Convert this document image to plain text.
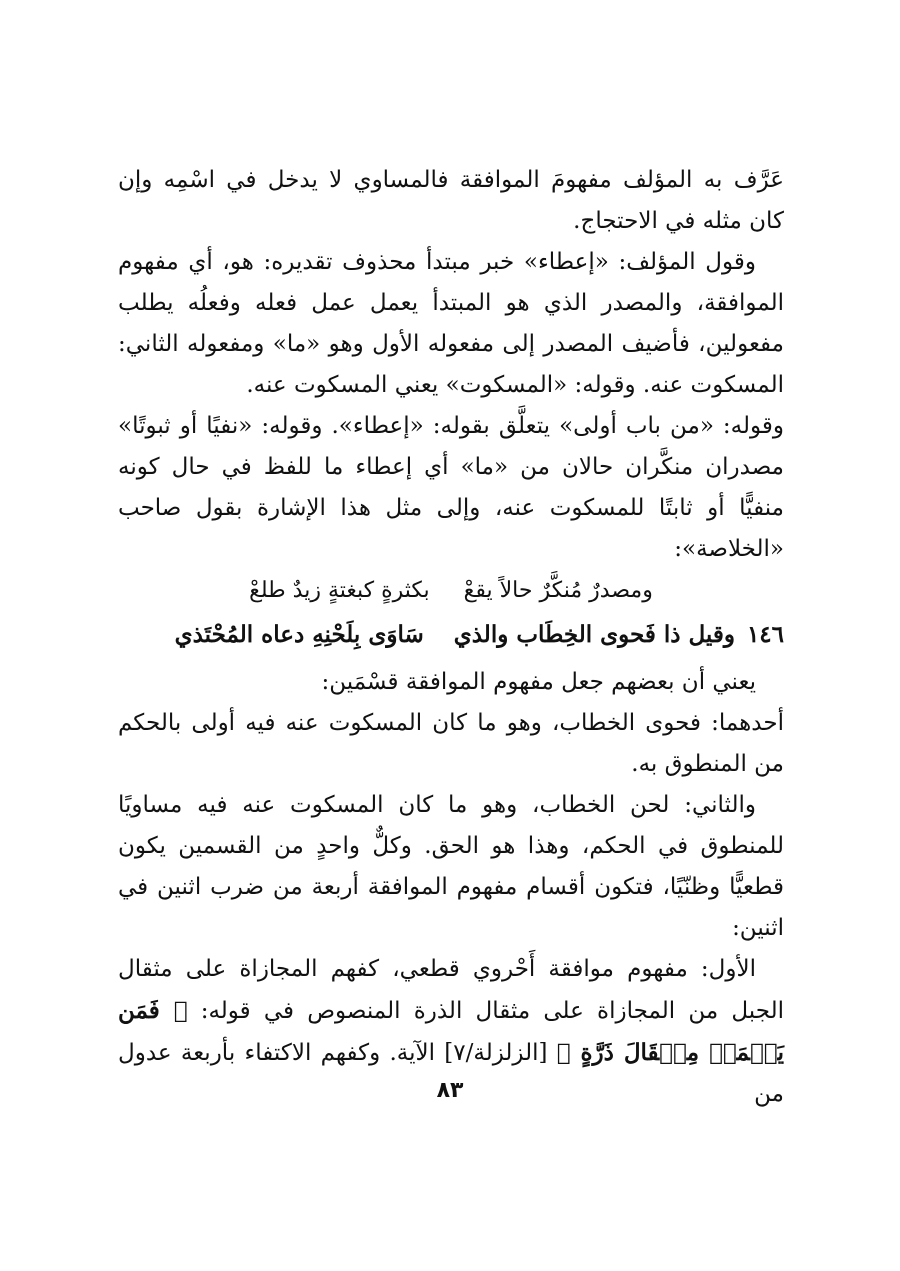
عَرَّف به المؤلف مفهومَ الموافقة فالمساوي لا يدخل في اسْمِه وإن كان مثله في الاحتجاج.

وقول المؤلف: «إعطاء» خبر مبتدأ محذوف تقديره: هو، أي مفهوم الموافقة، والمصدر الذي هو المبتدأ يعمل عمل فعله وفعلُه يطلب مفعولين، فأضيف المصدر إلى مفعوله الأول وهو «ما» ومفعوله الثاني: المسكوت عنه. وقوله: «المسكوت» يعني المسكوت عنه.

وقوله: «من باب أولى» يتعلَّق بقوله: «إعطاء». وقوله: «نفيًا أو ثبوتًا» مصدران منكَّران حالان من «ما» أي إعطاء ما للفظ في حال كونه منفيًّا أو ثابتًا للمسكوت عنه، وإلى مثل هذا الإشارة بقول صاحب «الخلاصة»:

ومصدرٌ مُنكَّرٌ حالاً يقعْبكثرةٍ كبغتةٍ زيدٌ طلعْ
١٤٦
وقيل ذا فَحوى الخِطَاب والذي
سَاوَى بِلَحْنِهِ دعاه المُحْتَذي

يعني أن بعضهم جعل مفهوم الموافقة قسْمَين:

أحدهما: فحوى الخطاب، وهو ما كان المسكوت عنه فيه أولى بالحكم من المنطوق به.

والثاني: لحن الخطاب، وهو ما كان المسكوت عنه فيه مساويًا للمنطوق في الحكم، وهذا هو الحق. وكلٌّ واحدٍ من القسمين يكون قطعيًّا وظنّيًا، فتكون أقسام مفهوم الموافقة أربعة من ضرب اثنين في اثنين:

الأول: مفهوم موافقة أَحْروي قطعي، كفهم المجازاة على مثقال الجبل من المجازاة على مثقال الذرة المنصوص في قوله: ﴿ فَمَن يَعۡمَلۡ مِثۡقَالَ ذَرَّةٍ ﴾ [الزلزلة/٧] الآية. وكفهم الاكتفاء بأربعة عدول من

٨٣
